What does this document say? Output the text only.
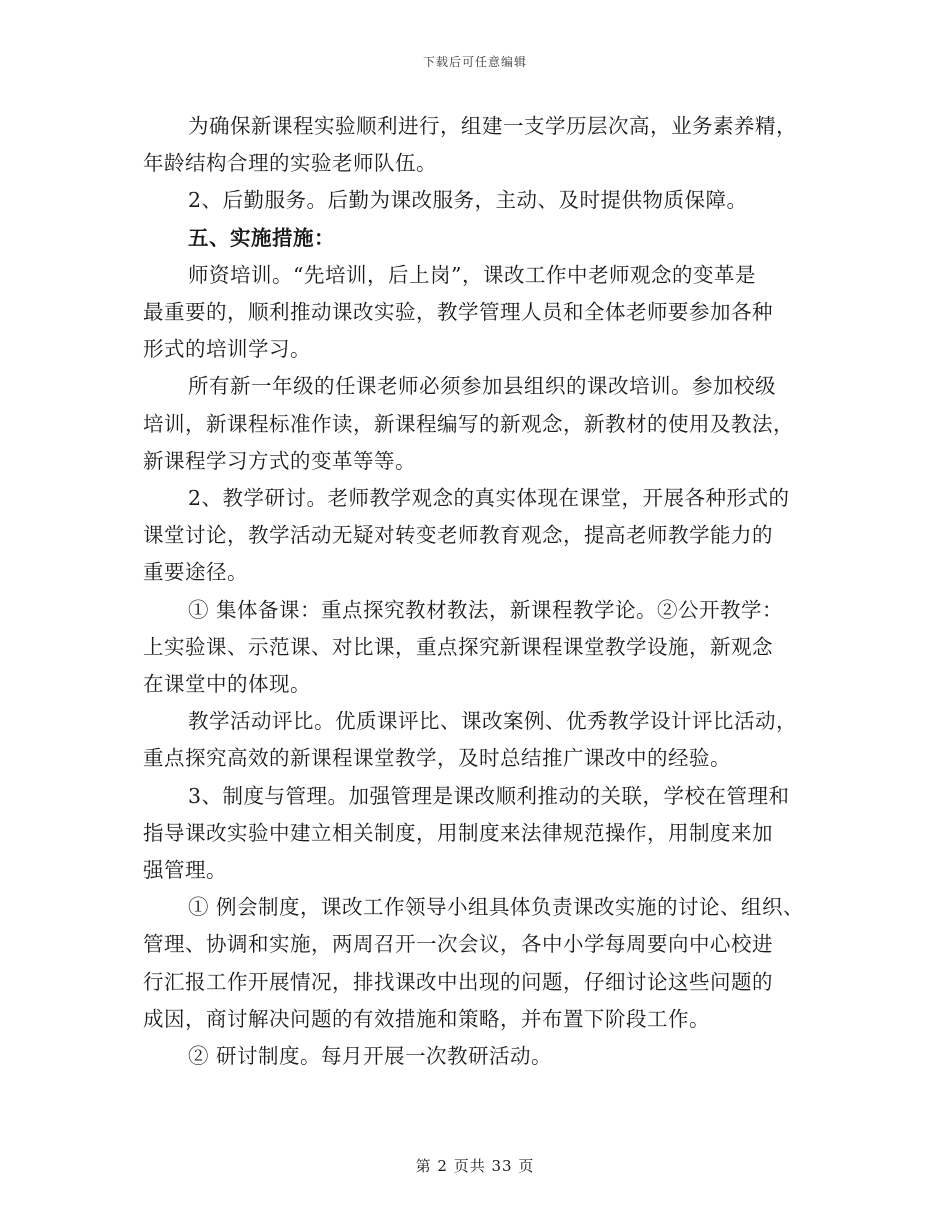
下载后可任意编辑

为确保新课程实验顺利进行，组建一支学历层次高，业务素养精，

年龄结构合理的实验老师队伍。

2、后勤服务。后勤为课改服务，主动、及时提供物质保障。

五、实施措施：

师资培训。“先培训，后上岗”，课改工作中老师观念的变革是

最重要的，顺利推动课改实验，教学管理人员和全体老师要参加各种

形式的培训学习。

所有新一年级的任课老师必须参加县组织的课改培训。参加校级

培训，新课程标准作读，新课程编写的新观念，新教材的使用及教法，

新课程学习方式的变革等等。

2、教学研讨。老师教学观念的真实体现在课堂，开展各种形式的

课堂讨论，教学活动无疑对转变老师教育观念，提高老师教学能力的

重要途径。

① 集体备课：重点探究教材教法，新课程教学论。②公开教学：

上实验课、示范课、对比课，重点探究新课程课堂教学设施，新观念

在课堂中的体现。

教学活动评比。优质课评比、课改案例、优秀教学设计评比活动，

重点探究高效的新课程课堂教学，及时总结推广课改中的经验。

3、制度与管理。加强管理是课改顺利推动的关联，学校在管理和

指导课改实验中建立相关制度，用制度来法律规范操作，用制度来加

强管理。

① 例会制度，课改工作领导小组具体负责课改实施的讨论、组织、

管理、协调和实施，两周召开一次会议，各中小学每周要向中心校进

行汇报工作开展情况，排找课改中出现的问题，仔细讨论这些问题的

成因，商讨解决问题的有效措施和策略，并布置下阶段工作。

② 研讨制度。每月开展一次教研活动。

第 2 页共 33 页
